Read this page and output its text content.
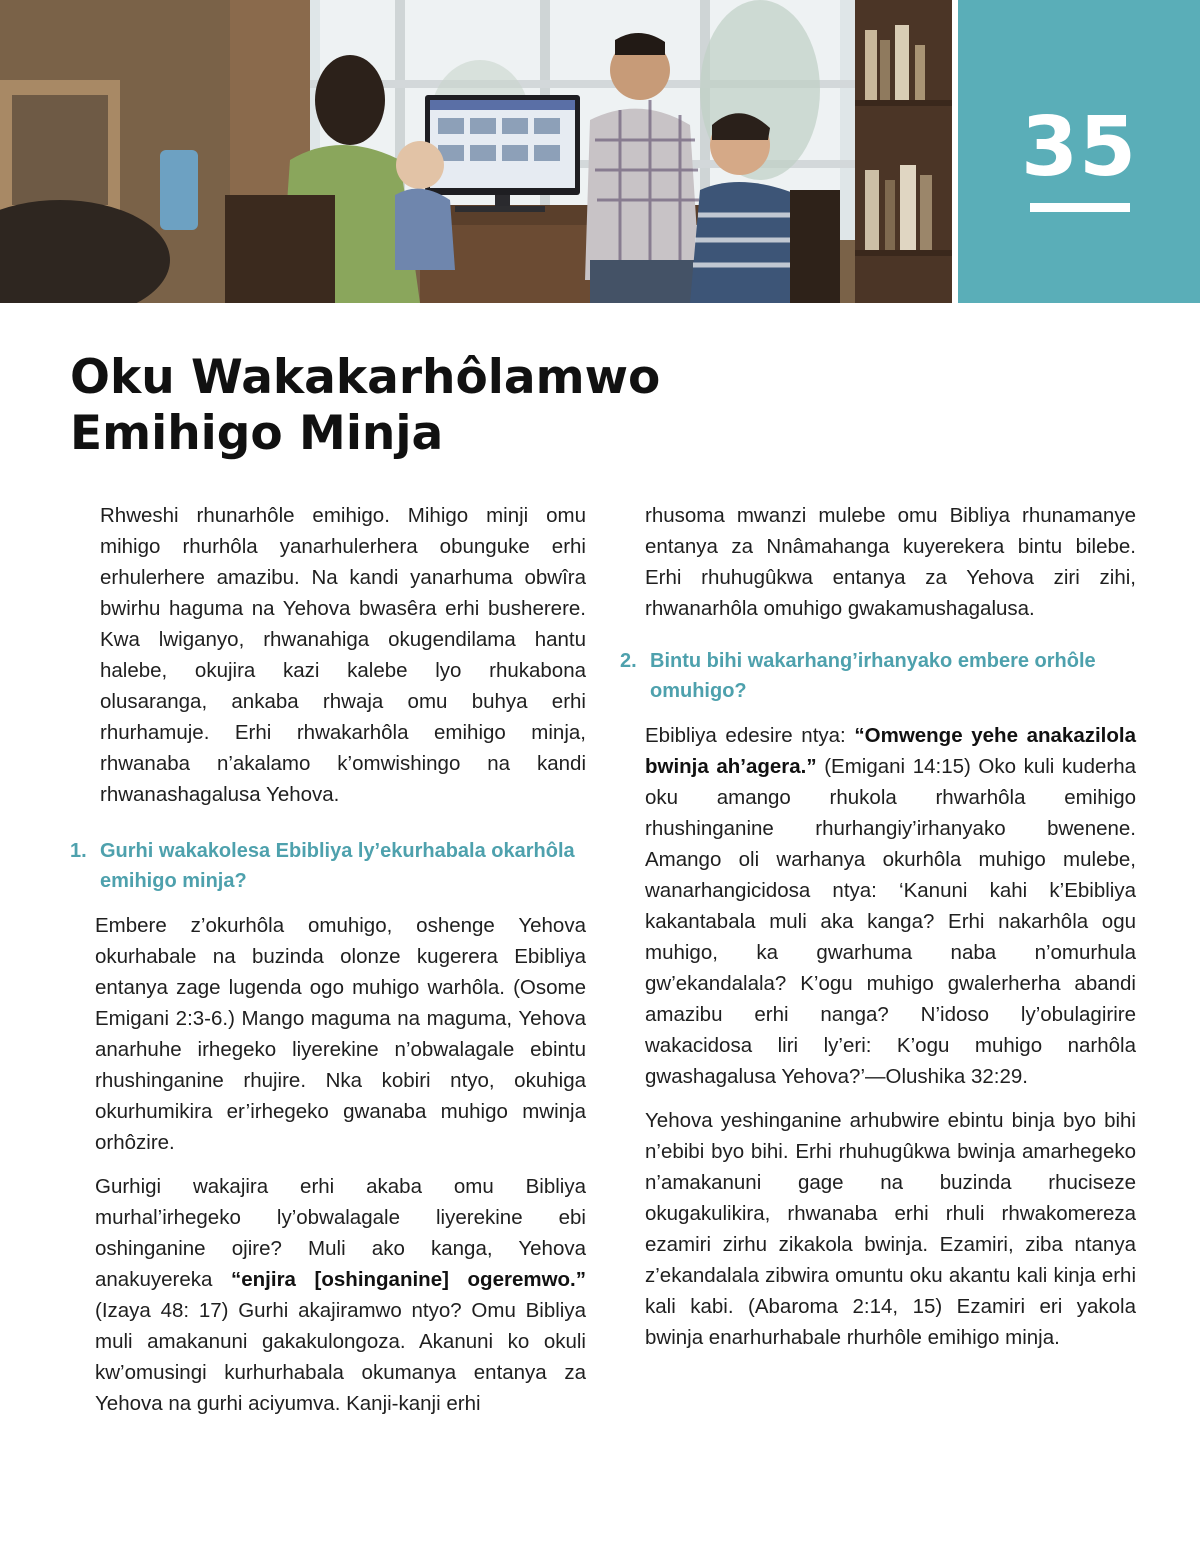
35
Oku Wakakarhôlamwo Emihigo Minja

Rhweshi rhunarhôle emihigo. Mihigo minji omu mihigo rhurhôla yanarhulerhera obunguke erhi erhulerhere amazibu. Na kandi yanarhuma obwîra bwirhu haguma na Yehova bwasêra erhi busherere. Kwa lwiganyo, rhwanahiga okugendilama hantu halebe, okujira kazi kalebe lyo rhukabona olusaranga, ankaba rhwaja omu buhya erhi rhurhamuje. Erhi rhwakarhôla emihigo minja, rhwanaba n’akalamo k’omwishingo na kandi rhwanashagalusa Yehova.

1. Gurhi wakakolesa Ebibliya ly’ekurhabala okarhôla emihigo minja?

Embere z’okurhôla omuhigo, oshenge Yehova okurhabale na buzinda olonze kugerera Ebibliya entanya zage lugenda ogo muhigo warhôla. (Osome Emigani 2:3-6.) Mango maguma na maguma, Yehova anarhuhe irhegeko liyerekine n’obwalagale ebintu rhushinganine rhujire. Nka kobiri ntyo, okuhiga okurhumikira er’irhegeko gwanaba muhigo mwinja orhôzire.

Gurhigi wakajira erhi akaba omu Bibliya murhal’irhegeko ly’obwalagale liyerekine ebi oshinganine ojire? Muli ako kanga, Yehova anakuyereka “enjira [oshinganine] ogeremwo.” (Izaya 48: 17) Gurhi akajiramwo ntyo? Omu Bibliya muli amakanuni gakakulongoza. Akanuni ko okuli kw’omusingi kurhurhabala okumanya entanya za Yehova na gurhi aciyumva. Kanji-kanji erhi

rhusoma mwanzi mulebe omu Bibliya rhunamanye entanya za Nnâmahanga kuyerekera bintu bilebe. Erhi rhuhugûkwa entanya za Yehova ziri zihi, rhwanarhôla omuhigo gwakamushagalusa.

2. Bintu bihi wakarhang’irhanyako embere orhôle omuhigo?

Ebibliya edesire ntya: “Omwenge yehe anakazilola bwinja ah’agera.” (Emigani 14:15) Oko kuli kuderha oku amango rhukola rhwarhôla emihigo rhushinganine rhurhangiy’irhanyako bwenene. Amango oli warhanya okurhôla muhigo mulebe, wanarhangicidosa ntya: ‘Kanuni kahi k’Ebibliya kakantabala muli aka kanga? Erhi nakarhôla ogu muhigo, ka gwarhuma naba n’omurhula gw’ekandalala? K’ogu muhigo gwalerherha abandi amazibu erhi nanga? N’idoso ly’obulagirire wakacidosa liri ly’eri: K’ogu muhigo narhôla gwashagalusa Yehova?’—Olushika 32:29.

Yehova yeshinganine arhubwire ebintu binja byo bihi n’ebibi byo bihi. Erhi rhuhugûkwa bwinja amarhegeko n’amakanuni gage na buzinda rhuciseze okugakulikira, rhwanaba erhi rhuli rhwakomereza ezamiri zirhu zikakola bwinja. Ezamiri, ziba ntanya z’ekandalala zibwira omuntu oku akantu kali kinja erhi kali kabi. (Abaroma 2:14, 15) Ezamiri eri yakola bwinja enarhurhabale rhurhôle emihigo minja.
